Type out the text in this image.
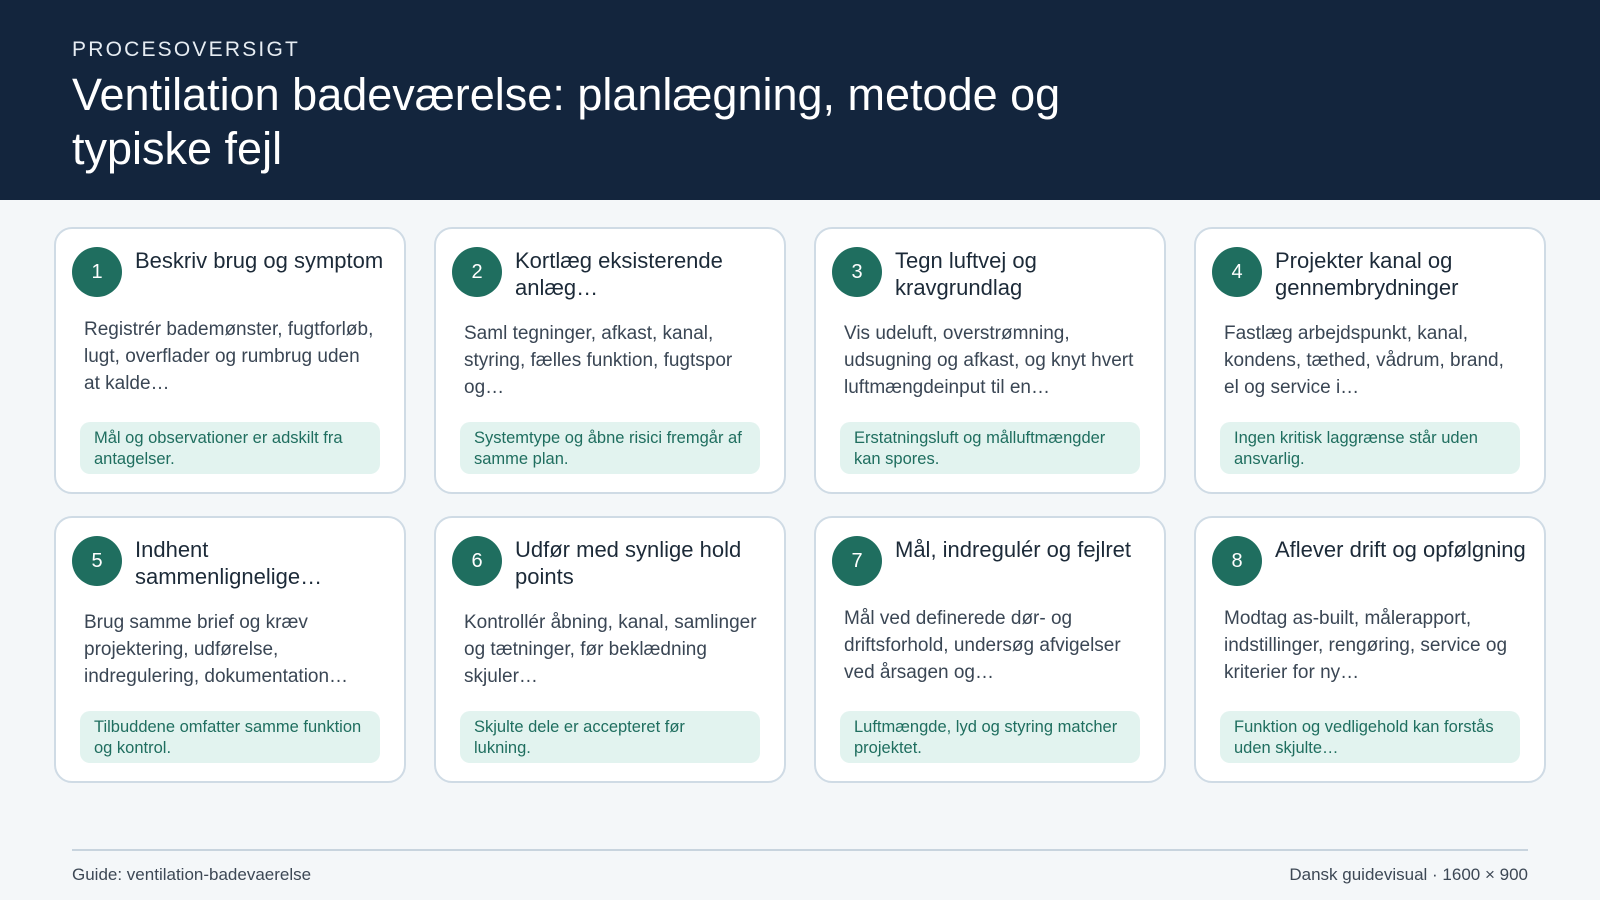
PROCESOVERSIGT
Ventilation badeværelse: planlægning, metode og typiske fejl
1	Beskriv brug og symptom
Registrér bademønster, fugtforløb, lugt, overflader og rumbrug uden at kalde…
Mål og observationer er adskilt fra antagelser.
2	Kortlæg eksisterende anlæg…
Saml tegninger, afkast, kanal, styring, fælles funktion, fugtspor og…
Systemtype og åbne risici fremgår af samme plan.
3	Tegn luftvej og kravgrundlag
Vis udeluft, overstrømning, udsugning og afkast, og knyt hvert luftmængdeinput til en…
Erstatningsluft og målluftmængder kan spores.
4	Projekter kanal og gennembrydninger
Fastlæg arbejdspunkt, kanal, kondens, tæthed, vådrum, brand, el og service i…
Ingen kritisk laggrænse står uden ansvarlig.
5	Indhent sammenlignelige…
Brug samme brief og kræv projektering, udførelse, indregulering, dokumentation…
Tilbuddene omfatter samme funktion og kontrol.
6	Udfør med synlige hold points
Kontrollér åbning, kanal, samlinger og tætninger, før beklædning skjuler…
Skjulte dele er accepteret før lukning.
7	Mål, indregulér og fejlret
Mål ved definerede dør- og driftsforhold, undersøg afvigelser ved årsagen og…
Luftmængde, lyd og styring matcher projektet.
8	Aflever drift og opfølgning
Modtag as-built, målerapport, indstillinger, rengøring, service og kriterier for ny…
Funktion og vedligehold kan forstås uden skjulte…
Guide: ventilation-badevaerelse	Dansk guidevisual · 1600 × 900
